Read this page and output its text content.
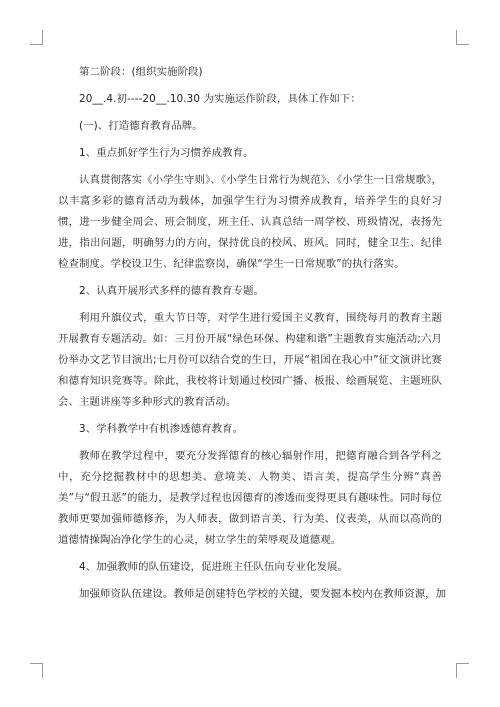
第二阶段：(组织实施阶段)

20__.4.初----20__.10.30 为实施运作阶段，具体工作如下：

(一)、打造德育教育品牌。

1、重点抓好学生行为习惯养成教育。

认真贯彻落实《小学生守则》、《小学生日常行为规范》、《小学生一日常规歌》，以丰富多彩的德育活动为载体，加强学生行为习惯养成教育，培养学生的良好习惯，进一步健全周会、班会制度，班主任、认真总结一周学校、班级情况，表扬先进，指出问题，明确努力的方向，保持优良的校风、班风。同时，健全卫生、纪律检查制度。学校设卫生、纪律监察岗，确保“学生一日常规歌”的执行落实。

2、认真开展形式多样的德育教育专题。

利用升旗仪式，重大节日等，对学生进行爱国主义教育，围绕每月的教育主题开展教育专题活动。如：三月份开展“绿色环保、构建和谐”主题教育实施活动;六月份举办文艺节目演出;七月份可以结合党的生日，开展“祖国在我心中”征文演讲比赛和德育知识竞赛等。除此，我校将计划通过校园广播、板报、绘画展览、主题班队会、主题讲座等多种形式的教育活动。

3、学科教学中有机渗透德育教育。

教师在教学过程中，要充分发挥德育的核心辐射作用，把德育融合到各学科之中，充分挖掘教材中的思想美、意境美、人物美、语言美，提高学生分辨“真善美”与“假丑恶”的能力，是教学过程也因德育的渗透而变得更具有趣味性。同时每位教师更要加强师德修养，为人师表，做到语言美、行为美、仪表美，从而以高尚的道德情操陶冶净化学生的心灵，树立学生的荣辱观及道德观。

4、加强教师的队伍建设，促进班主任队伍向专业化发展。

加强师资队伍建设。教师是创建特色学校的关键，要发掘本校内在教师资源，加
